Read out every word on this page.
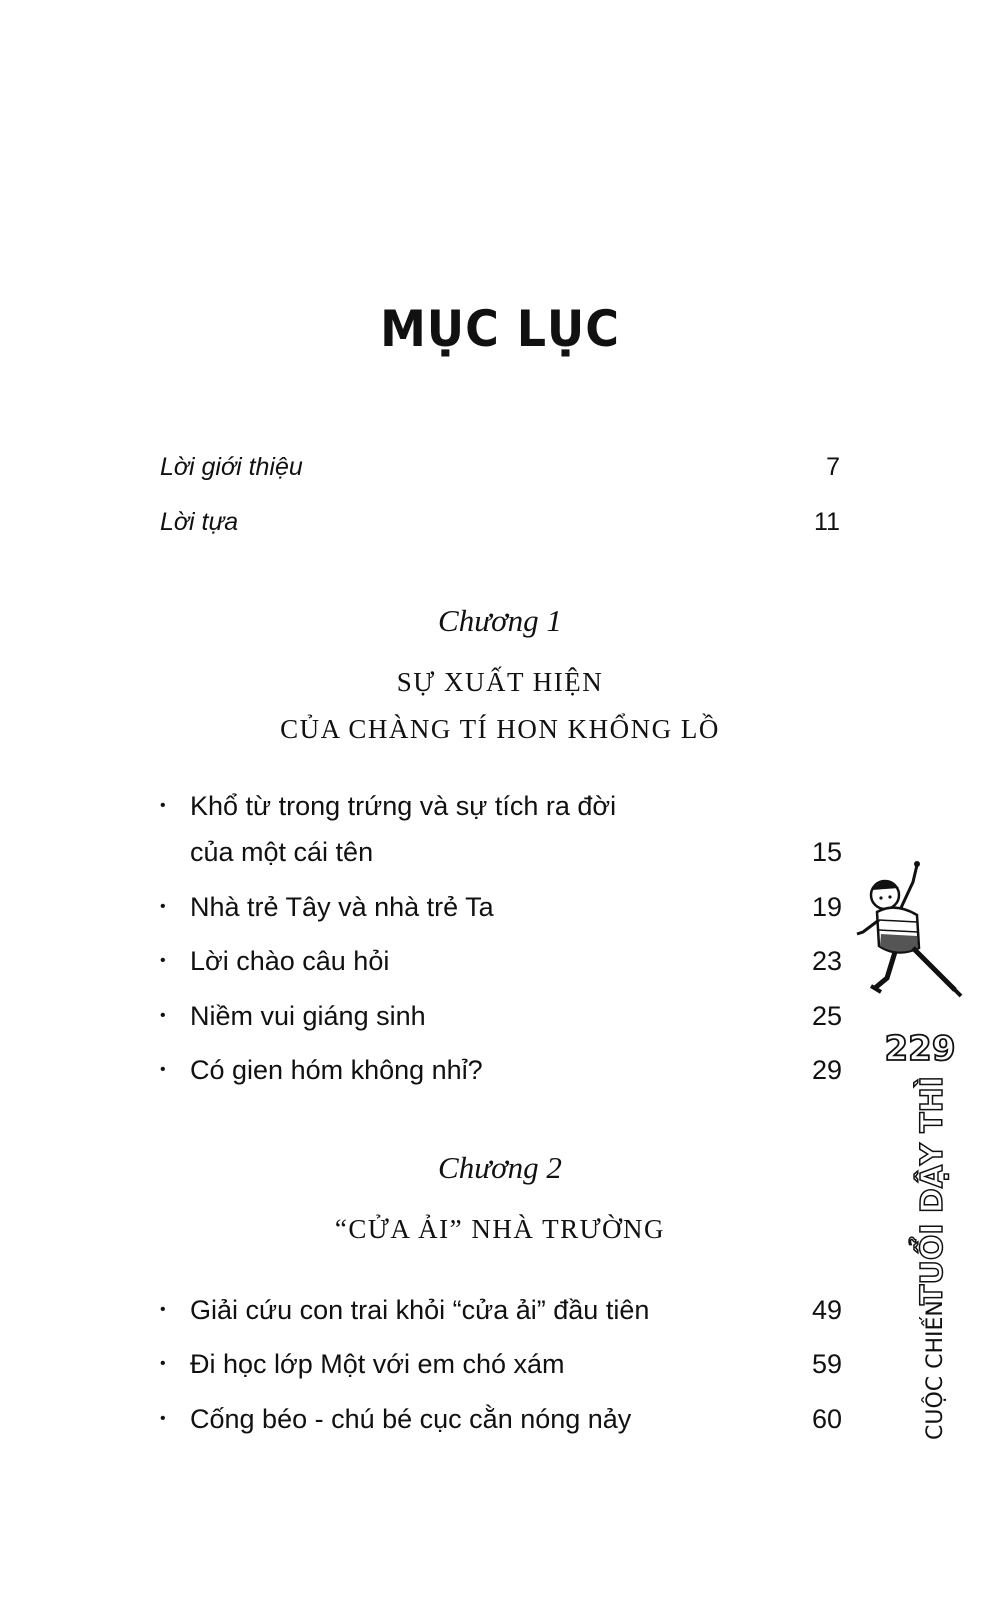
MỤC LỤC
Lời giới thiệu	7
Lời tựa	11
Chương 1
SỰ XUẤT HIỆN
CỦA CHÀNG TÍ HON KHỔNG LỒ
• Khổ từ trong trứng và sự tích ra đời
của một cái tên	15
• Nhà trẻ Tây và nhà trẻ Ta	19
• Lời chào câu hỏi	23
• Niềm vui giáng sinh	25
• Có gien hóm không nhỉ?	29
Chương 2
“CỬA ẢI” NHÀ TRƯỜNG
• Giải cứu con trai khỏi “cửa ải” đầu tiên	49
• Đi học lớp Một với em chó xám	59
• Cống béo - chú bé cục cằn nóng nảy	60
229
CUỘC CHIẾN
TUỔI DẬY THÌ
